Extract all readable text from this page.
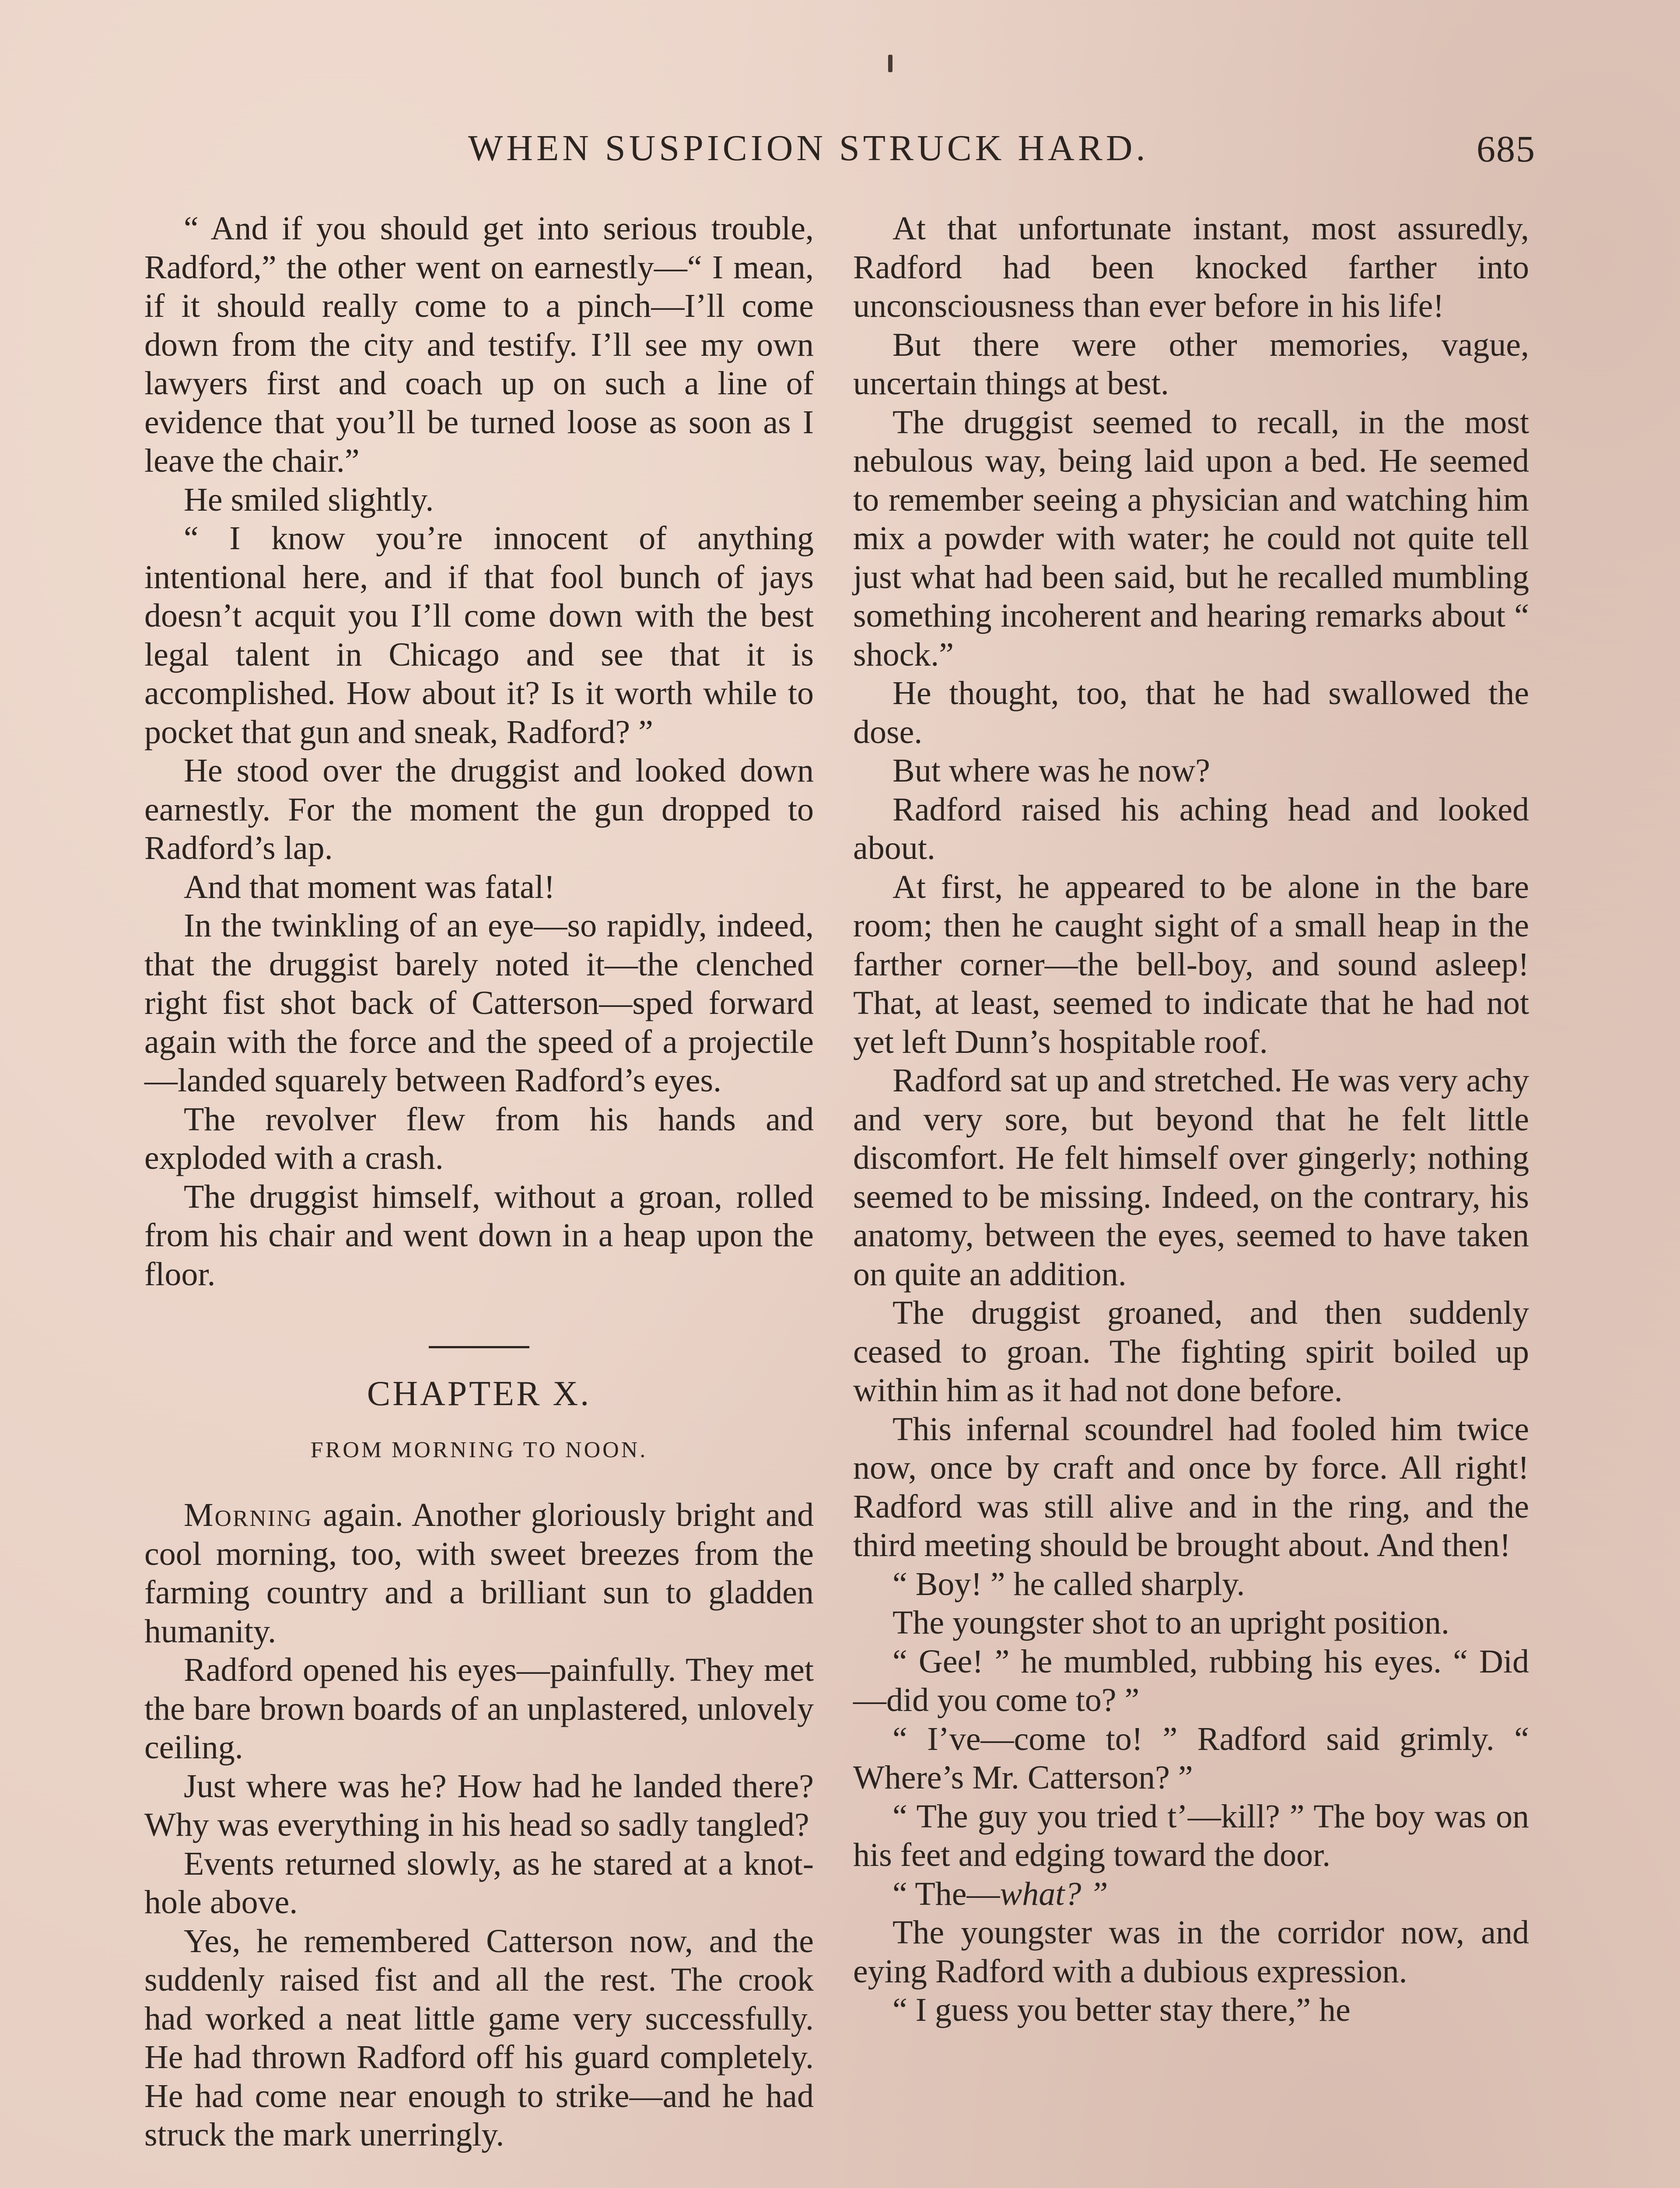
WHEN SUSPICION STRUCK HARD.	685

“ And if you should get into serious trouble, Radford,” the other went on earnestly—“ I mean, if it should really come to a pinch—I’ll come down from the city and testify. I’ll see my own lawyers first and coach up on such a line of evidence that you’ll be turned loose as soon as I leave the chair.”

He smiled slightly.

“ I know you’re innocent of anything intentional here, and if that fool bunch of jays doesn’t acquit you I’ll come down with the best legal talent in Chicago and see that it is accomplished. How about it? Is it worth while to pocket that gun and sneak, Radford? ”

He stood over the druggist and looked down earnestly. For the moment the gun dropped to Radford’s lap.

And that moment was fatal!

In the twinkling of an eye—so rapidly, indeed, that the druggist barely noted it—the clenched right fist shot back of Catterson—sped forward again with the force and the speed of a projectile—landed squarely between Radford’s eyes.

The revolver flew from his hands and exploded with a crash.

The druggist himself, without a groan, rolled from his chair and went down in a heap upon the floor.

CHAPTER X.

FROM MORNING TO NOON.

Morning again. Another gloriously bright and cool morning, too, with sweet breezes from the farming country and a brilliant sun to gladden humanity.

Radford opened his eyes—painfully. They met the bare brown boards of an unplastered, unlovely ceiling.

Just where was he? How had he landed there? Why was everything in his head so sadly tangled?

Events returned slowly, as he stared at a knot-hole above.

Yes, he remembered Catterson now, and the suddenly raised fist and all the rest. The crook had worked a neat little game very successfully. He had thrown Radford off his guard completely. He had come near enough to strike—and he had struck the mark unerringly.

At that unfortunate instant, most assuredly, Radford had been knocked farther into unconsciousness than ever before in his life!

But there were other memories, vague, uncertain things at best.

The druggist seemed to recall, in the most nebulous way, being laid upon a bed. He seemed to remember seeing a physician and watching him mix a powder with water; he could not quite tell just what had been said, but he recalled mumbling something incoherent and hearing remarks about “ shock.”

He thought, too, that he had swallowed the dose.

But where was he now?

Radford raised his aching head and looked about.

At first, he appeared to be alone in the bare room; then he caught sight of a small heap in the farther corner—the bell-boy, and sound asleep! That, at least, seemed to indicate that he had not yet left Dunn’s hospitable roof.

Radford sat up and stretched. He was very achy and very sore, but beyond that he felt little discomfort. He felt himself over gingerly; nothing seemed to be missing. Indeed, on the contrary, his anatomy, between the eyes, seemed to have taken on quite an addition.

The druggist groaned, and then suddenly ceased to groan. The fighting spirit boiled up within him as it had not done before.

This infernal scoundrel had fooled him twice now, once by craft and once by force. All right! Radford was still alive and in the ring, and the third meeting should be brought about. And then!

“ Boy! ” he called sharply.

The youngster shot to an upright position.

“ Gee! ” he mumbled, rubbing his eyes. “ Did—did you come to? ”

“ I’ve—come to! ” Radford said grimly. “ Where’s Mr. Catterson? ”

“ The guy you tried t’—kill? ” The boy was on his feet and edging toward the door.

“ The—what? ”

The youngster was in the corridor now, and eying Radford with a dubious expression.

“ I guess you better stay there,” he
